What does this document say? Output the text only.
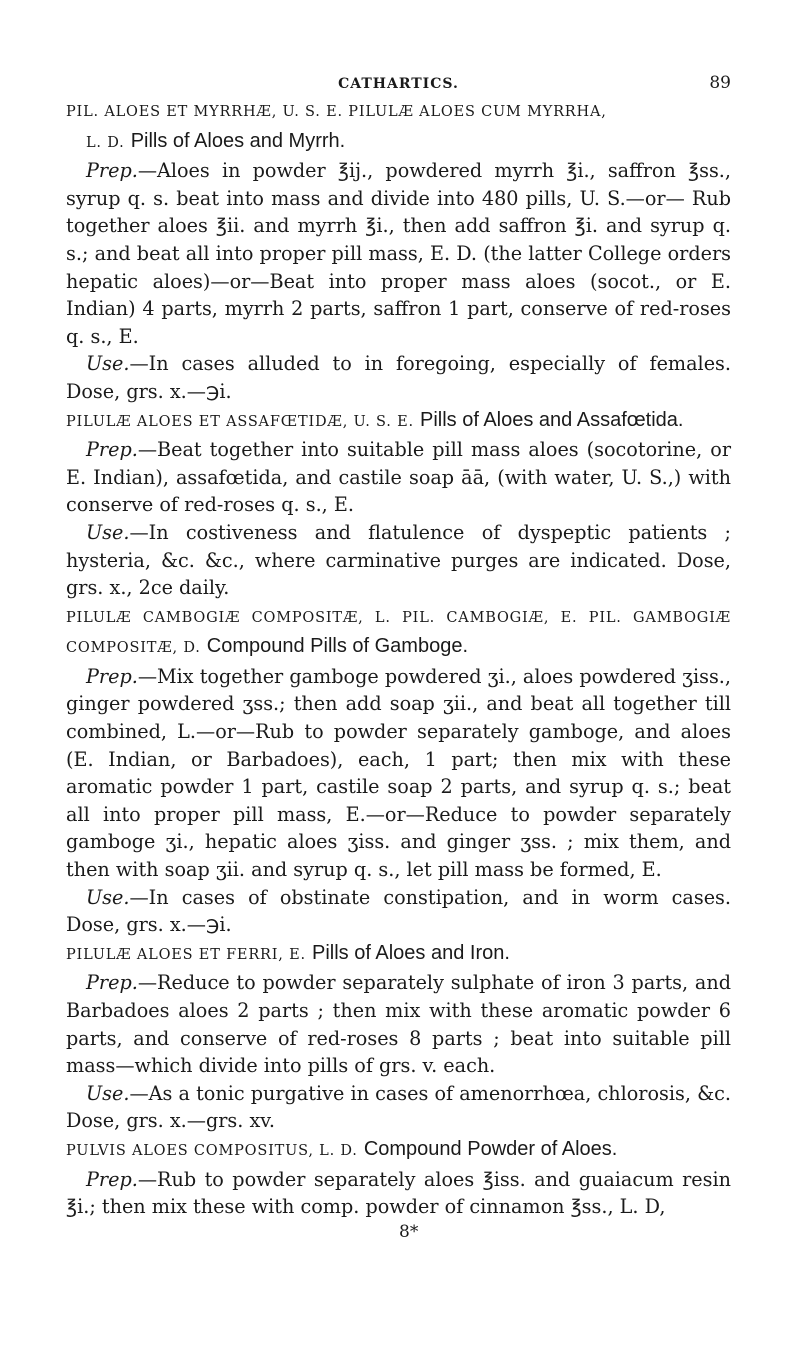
CATHARTICS.	89

PIL. ALOES ET MYRRHÆ, U. S. E. PILULÆ ALOES CUM MYRRHA,

L. D. Pills of Aloes and Myrrh.

Prep.—Aloes in powder ℥ij., powdered myrrh ℥i., saffron ℥ss., syrup q. s. beat into mass and divide into 480 pills, U. S.—or— Rub together aloes ℥ii. and myrrh ℥i., then add saffron ℥i. and syrup q. s.; and beat all into proper pill mass, E. D. (the latter College orders hepatic aloes)—or—Beat into proper mass aloes (socot., or E. Indian) 4 parts, myrrh 2 parts, saffron 1 part, conserve of red-roses q. s., E.

Use.—In cases alluded to in foregoing, especially of females. Dose, grs. x.—℈i.

PILULÆ ALOES ET ASSAFŒTIDÆ, U. S. E. Pills of Aloes and Assafœtida.

Prep.—Beat together into suitable pill mass aloes (socotorine, or E. Indian), assafœtida, and castile soap āā, (with water, U. S.,) with conserve of red-roses q. s., E.

Use.—In costiveness and flatulence of dyspeptic patients ; hysteria, &c. &c., where carminative purges are indicated. Dose, grs. x., 2ce daily.

PILULÆ CAMBOGIÆ COMPOSITÆ, L. PIL. CAMBOGIÆ, E. PIL. GAMBOGIÆ COMPOSITÆ, D. Compound Pills of Gamboge.

Prep.—Mix together gamboge powdered ʒi., aloes powdered ʒiss., ginger powdered ʒss.; then add soap ʒii., and beat all together till combined, L.—or—Rub to powder separately gamboge, and aloes (E. Indian, or Barbadoes), each, 1 part; then mix with these aromatic powder 1 part, castile soap 2 parts, and syrup q. s.; beat all into proper pill mass, E.—or—Reduce to powder separately gamboge ʒi., hepatic aloes ʒiss. and ginger ʒss. ; mix them, and then with soap ʒii. and syrup q. s., let pill mass be formed, E.

Use.—In cases of obstinate constipation, and in worm cases. Dose, grs. x.—℈i.

PILULÆ ALOES ET FERRI, E. Pills of Aloes and Iron.

Prep.—Reduce to powder separately sulphate of iron 3 parts, and Barbadoes aloes 2 parts ; then mix with these aromatic powder 6 parts, and conserve of red-roses 8 parts ; beat into suitable pill mass—which divide into pills of grs. v. each.

Use.—As a tonic purgative in cases of amenorrhœa, chlorosis, &c. Dose, grs. x.—grs. xv.

PULVIS ALOES COMPOSITUS, L. D. Compound Powder of Aloes.

Prep.—Rub to powder separately aloes ℥iss. and guaiacum resin ℥i.; then mix these with comp. powder of cinnamon ℥ss., L. D,

8*
